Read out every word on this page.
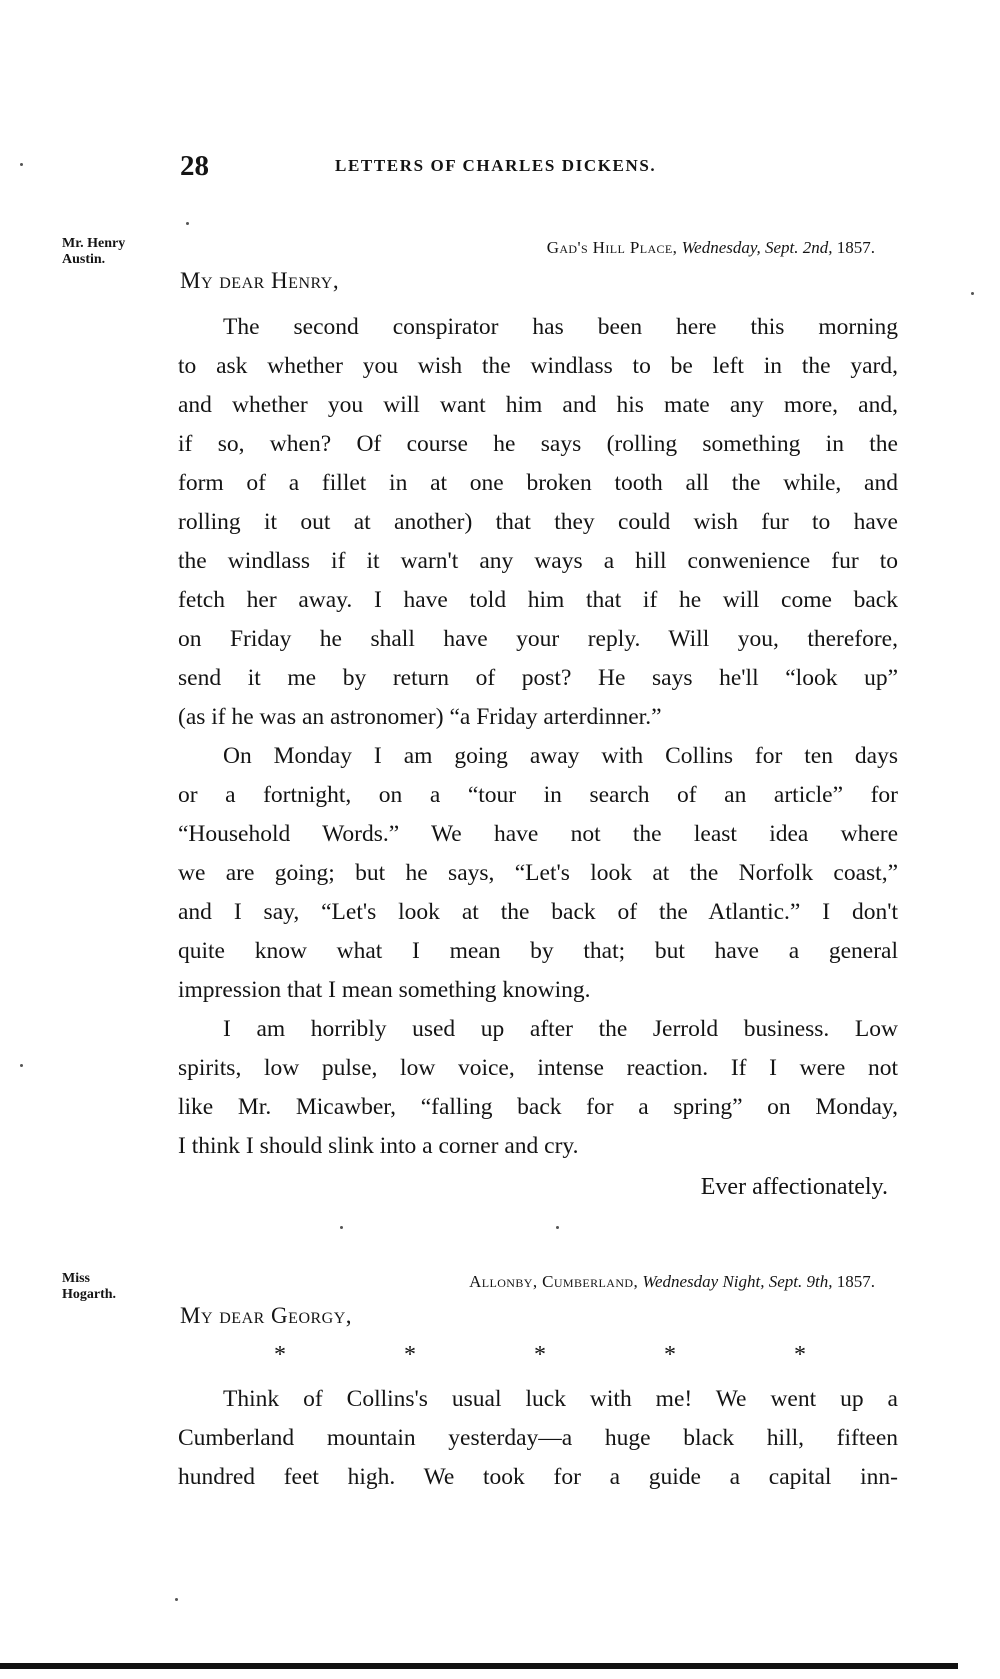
28	LETTERS OF CHARLES DICKENS.
Mr. Henry
Austin.
Gad's Hill Place, Wednesday, Sept. 2nd, 1857.
My dear Henry,
The second conspirator has been here this morning
to ask whether you wish the windlass to be left in the yard,
and whether you will want him and his mate any more, and,
if so, when? Of course he says (rolling something in the
form of a fillet in at one broken tooth all the while, and
rolling it out at another) that they could wish fur to have
the windlass if it warn't any ways a hill conwenience fur to
fetch her away. I have told him that if he will come back
on Friday he shall have your reply. Will you, therefore,
send it me by return of post? He says he'll “look up”
(as if he was an astronomer) “a Friday arterdinner.”
On Monday I am going away with Collins for ten days
or a fortnight, on a “tour in search of an article” for
“Household Words.” We have not the least idea where
we are going; but he says, “Let's look at the Norfolk coast,”
and I say, “Let's look at the back of the Atlantic.” I don't
quite know what I mean by that; but have a general
impression that I mean something knowing.
I am horribly used up after the Jerrold business. Low
spirits, low pulse, low voice, intense reaction. If I were not
like Mr. Micawber, “falling back for a spring” on Monday,
I think I should slink into a corner and cry.
Ever affectionately.
Miss
Hogarth.
Allonby, Cumberland, Wednesday Night, Sept. 9th, 1857.
My dear Georgy,
*	*	*	*	*
Think of Collins's usual luck with me! We went up a
Cumberland mountain yesterday—a huge black hill, fifteen
hundred feet high. We took for a guide a capital inn-
